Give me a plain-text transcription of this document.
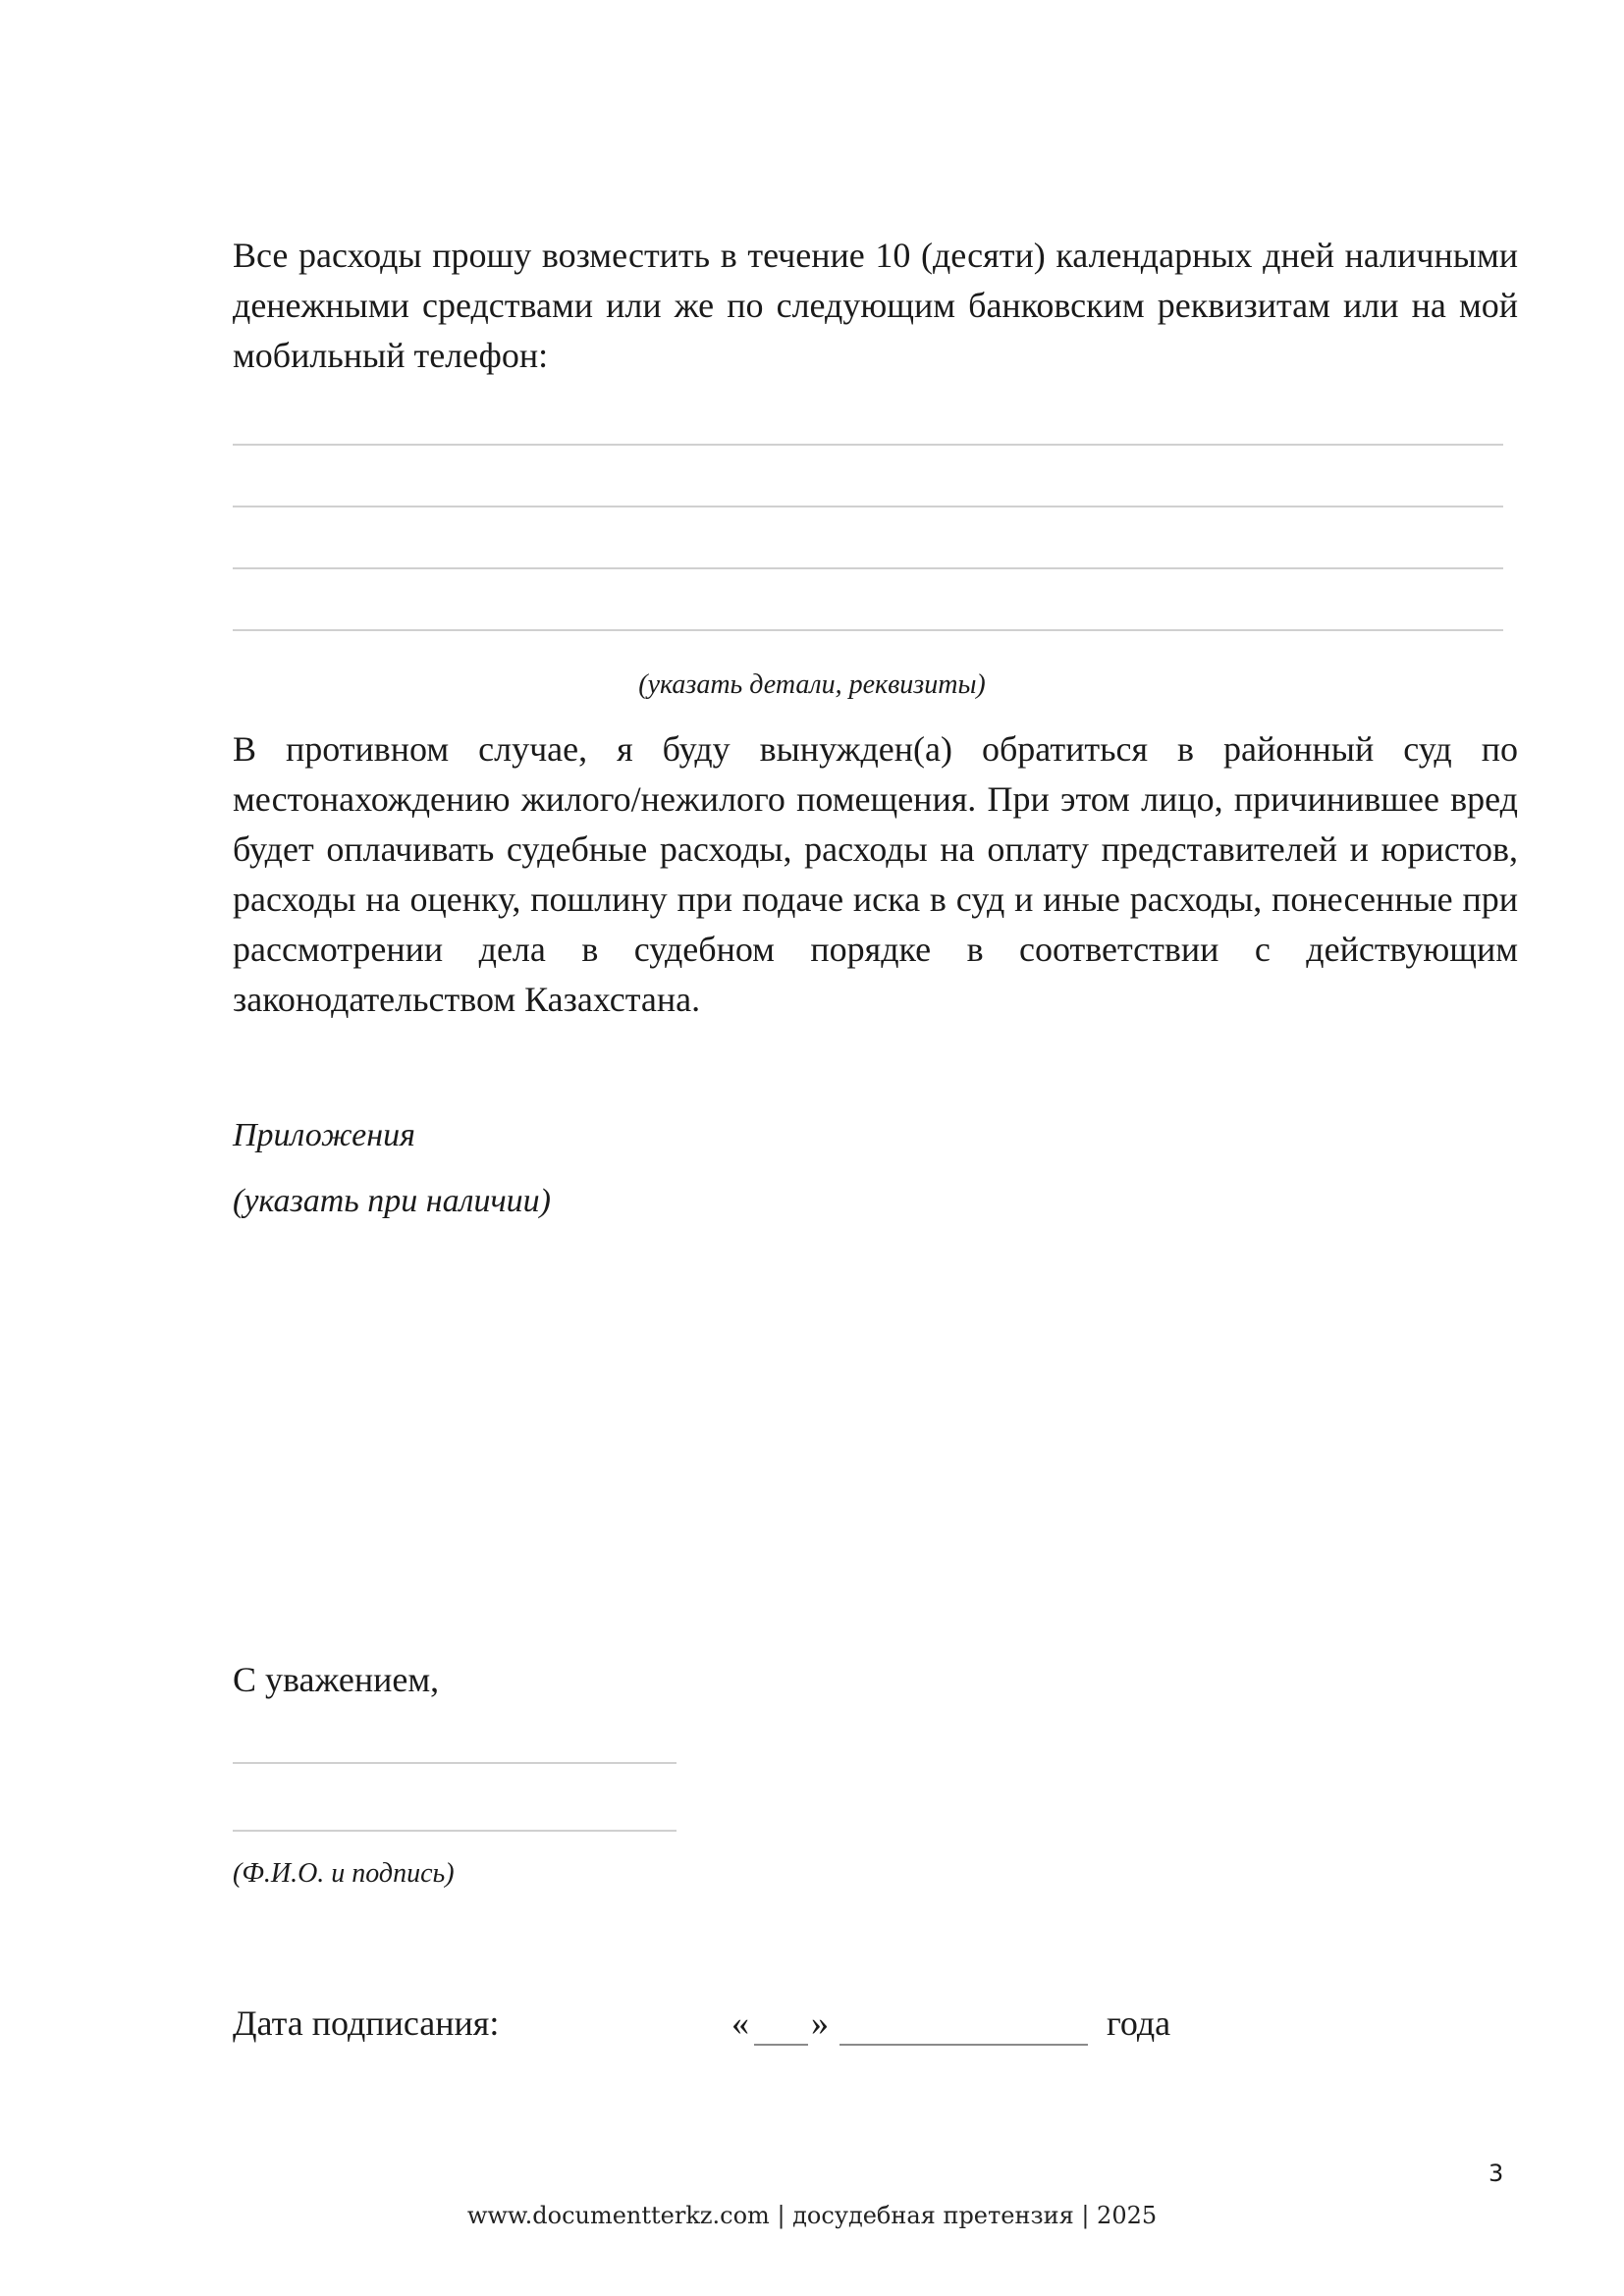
Все расходы прошу возместить в течение 10 (десяти) календарных дней наличными денежными средствами или же по следующим банковским реквизитам или на мой мобильный телефон:

(указать детали, реквизиты)

В противном случае, я буду вынужден(а) обратиться в районный суд по местонахождению жилого/нежилого помещения. При этом лицо, причинившее вред будет оплачивать судебные расходы, расходы на оплату представителей и юристов, расходы на оценку, пошлину при подаче иска в суд и иные расходы, понесенные при рассмотрении дела в судебном порядке в соответствии с действующим законодательством Казахстана.

Приложения

(указать при наличии)

С уважением,

(Ф.И.О. и подпись)

Дата подписания:	« »	года
3
www.documentterkz.com | досудебная претензия | 2025
